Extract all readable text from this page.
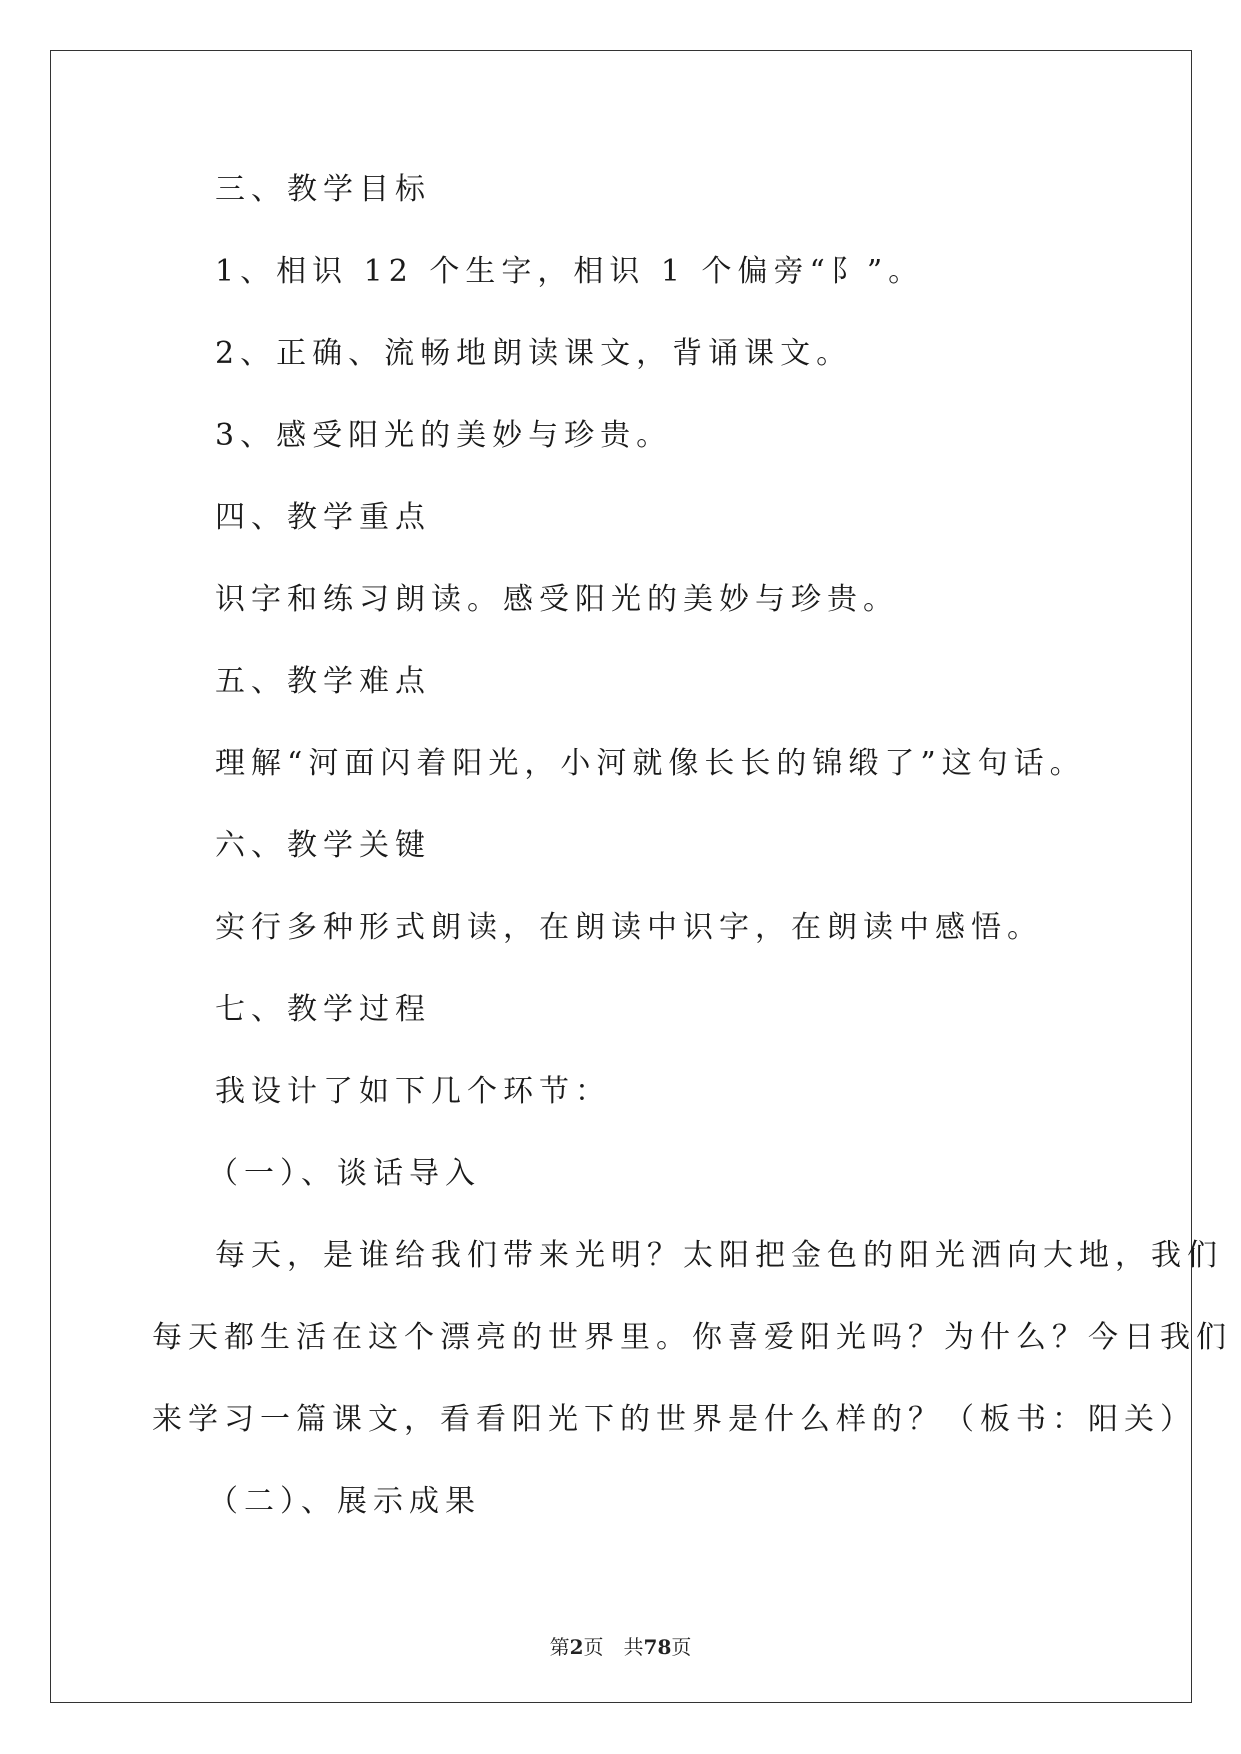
三、教学目标
1、相识 12 个生字，相识 1 个偏旁“阝”。
2、正确、流畅地朗读课文，背诵课文。
3、感受阳光的美妙与珍贵。
四、教学重点
识字和练习朗读。感受阳光的美妙与珍贵。
五、教学难点
理解“河面闪着阳光，小河就像长长的锦缎了”这句话。
六、教学关键
实行多种形式朗读，在朗读中识字，在朗读中感悟。
七、教学过程
我设计了如下几个环节：
（一）、谈话导入
每天，是谁给我们带来光明？太阳把金色的阳光洒向大地，我们
每天都生活在这个漂亮的世界里。你喜爱阳光吗？为什么？今日我们
来学习一篇课文，看看阳光下的世界是什么样的？（板书：阳关）
（二）、展示成果
第2页　共78页
